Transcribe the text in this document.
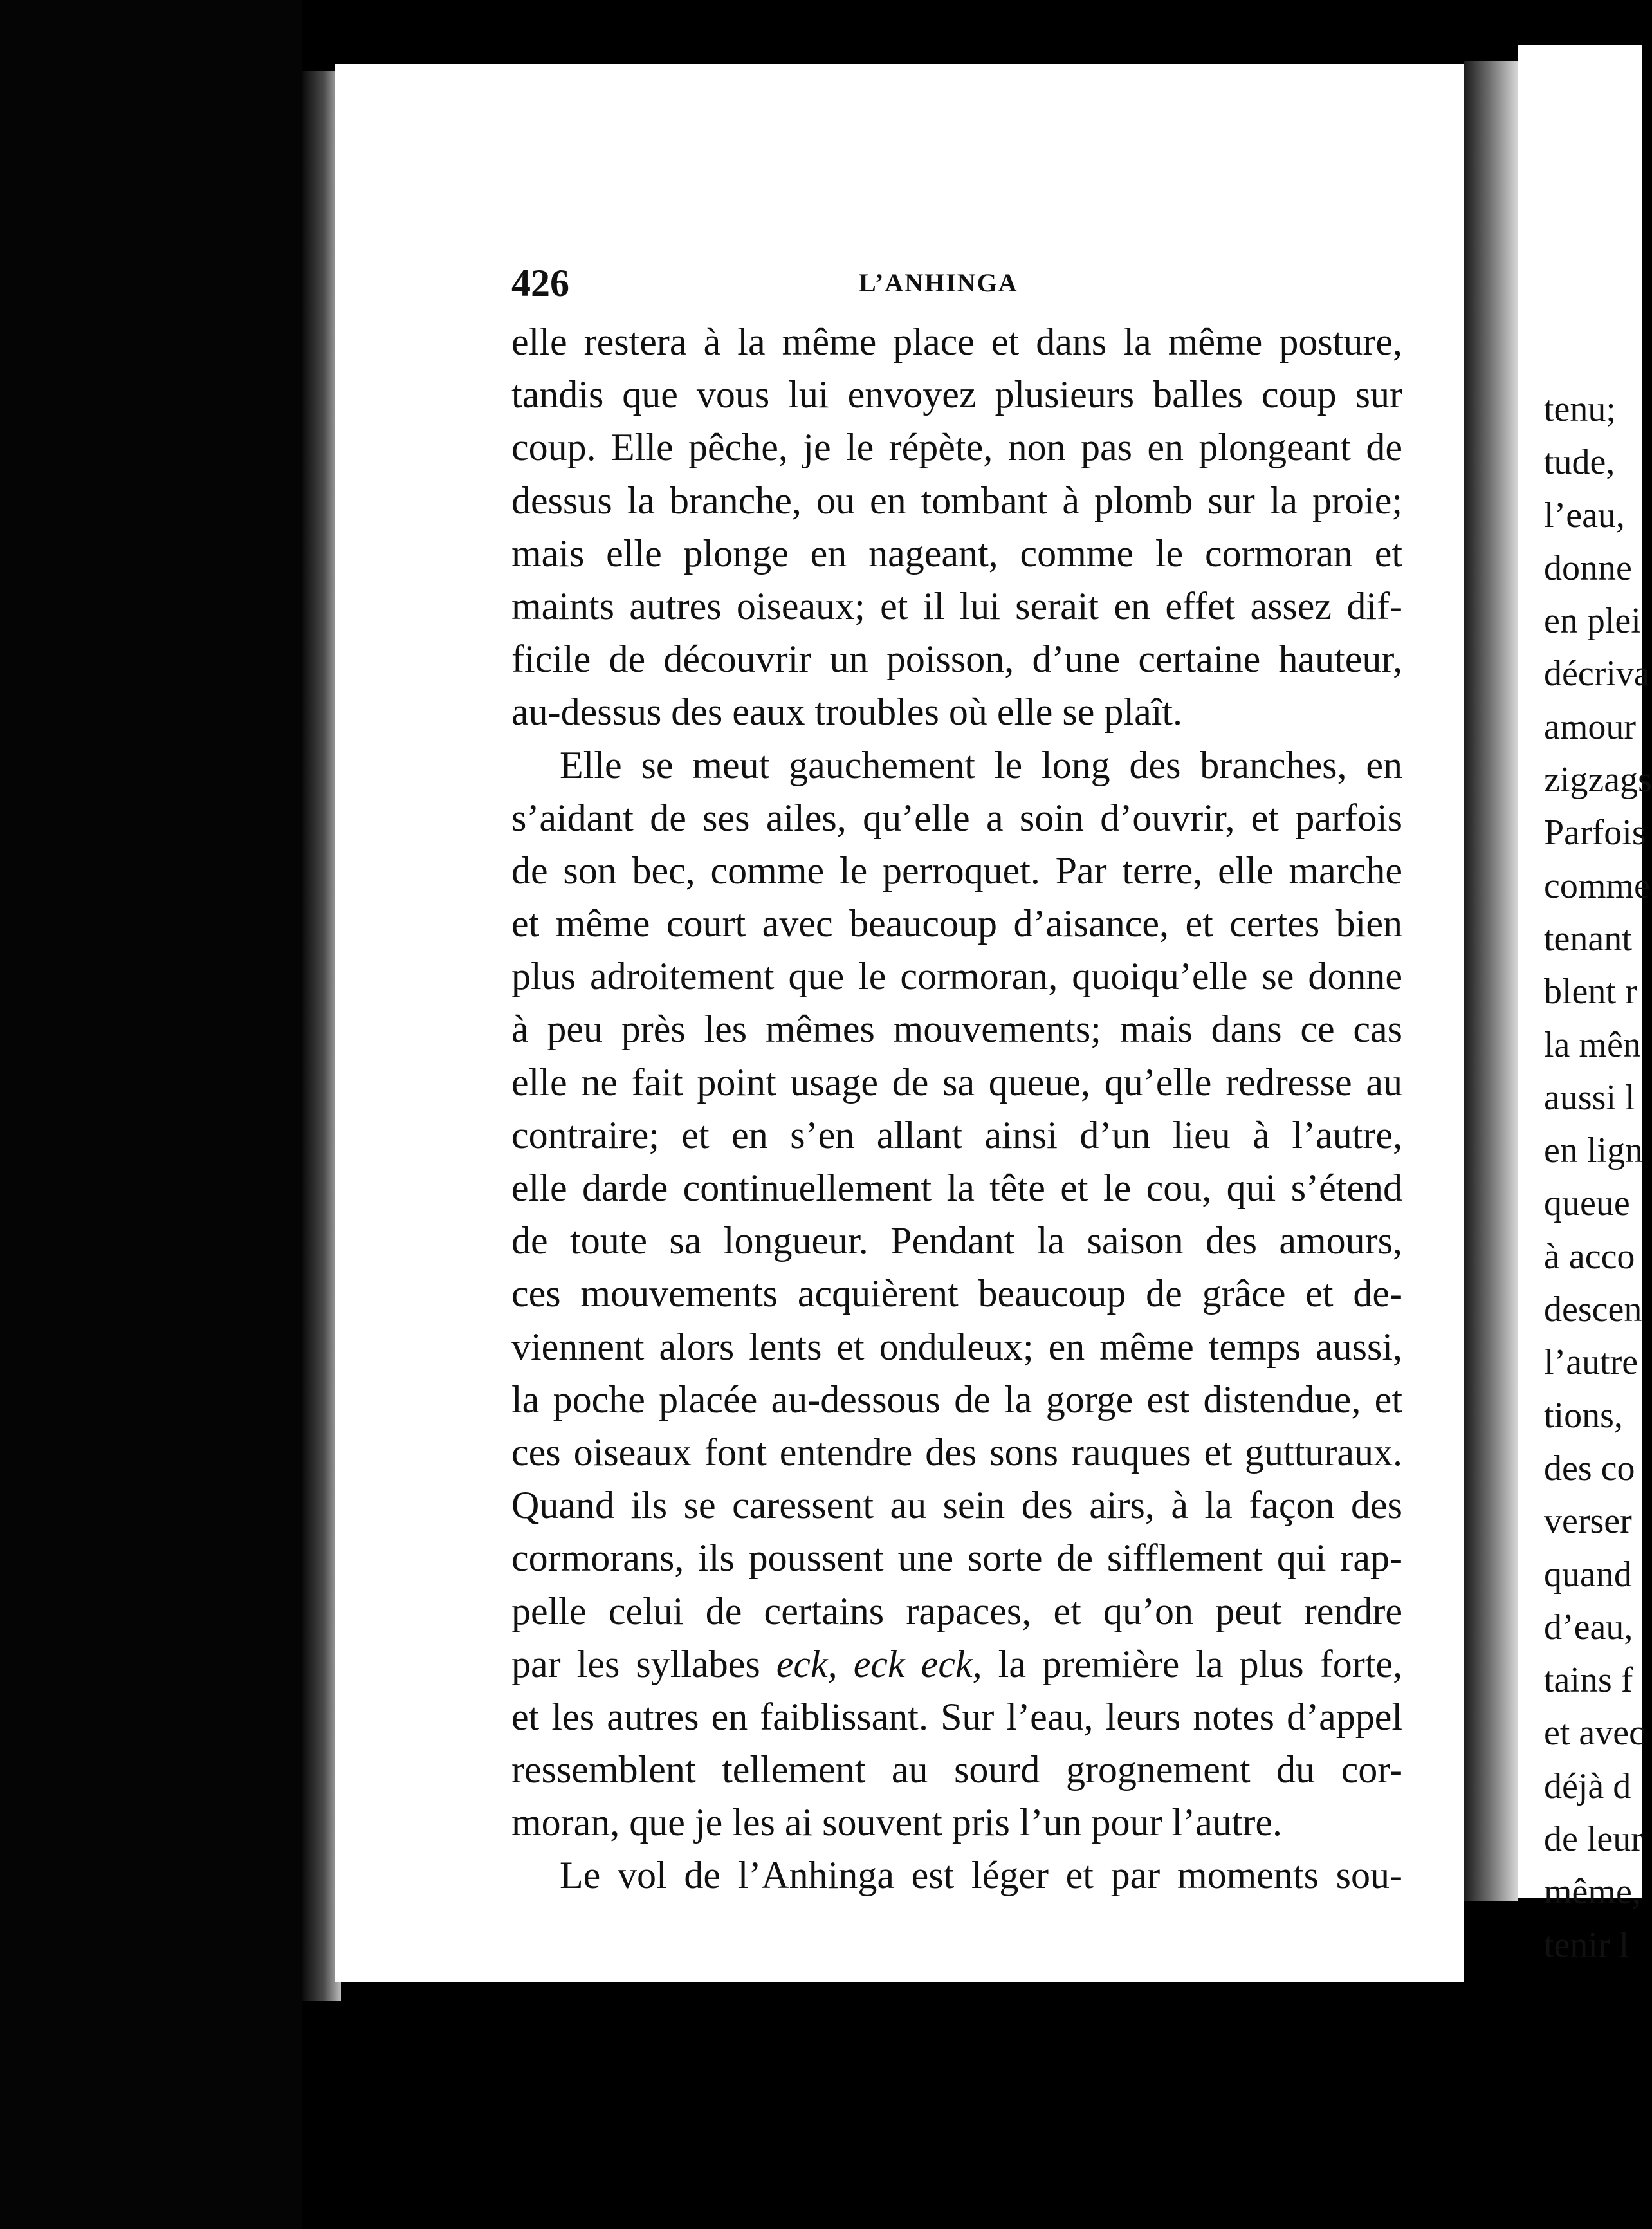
426	L’ANHINGA
elle restera à la même place et dans la même posture,
tandis que vous lui envoyez plusieurs balles coup sur
coup. Elle pêche, je le répète, non pas en plongeant de
dessus la branche, ou en tombant à plomb sur la proie;
mais elle plonge en nageant, comme le cormoran et
maints autres oiseaux; et il lui serait en effet assez dif-
ficile de découvrir un poisson, d’une certaine hauteur,
au-dessus des eaux troubles où elle se plaît.
Elle se meut gauchement le long des branches, en
s’aidant de ses ailes, qu’elle a soin d’ouvrir, et parfois
de son bec, comme le perroquet. Par terre, elle marche
et même court avec beaucoup d’aisance, et certes bien
plus adroitement que le cormoran, quoiqu’elle se donne
à peu près les mêmes mouvements; mais dans ce cas
elle ne fait point usage de sa queue, qu’elle redresse au
contraire; et en s’en allant ainsi d’un lieu à l’autre,
elle darde continuellement la tête et le cou, qui s’étend
de toute sa longueur. Pendant la saison des amours,
ces mouvements acquièrent beaucoup de grâce et de-
viennent alors lents et onduleux; en même temps aussi,
la poche placée au-dessous de la gorge est distendue, et
ces oiseaux font entendre des sons rauques et gutturaux.
Quand ils se caressent au sein des airs, à la façon des
cormorans, ils poussent une sorte de sifflement qui rap-
pelle celui de certains rapaces, et qu’on peut rendre
par les syllabes eck, eck eck, la première la plus forte,
et les autres en faiblissant. Sur l’eau, leurs notes d’appel
ressemblent tellement au sourd grognement du cor-
moran, que je les ai souvent pris l’un pour l’autre.
Le vol de l’Anhinga est léger et par moments sou-
tenu;
tude,
l’eau,
donne
en plei
décriva
amour
zigzags
Parfois
comme
tenant
blent r
la mên
aussi l
en lign
queue
à acco
descen
l’autre
tions,
des co
verser
quand
d’eau,
tains f
et avec
déjà d
de leur
même,
tenir l
